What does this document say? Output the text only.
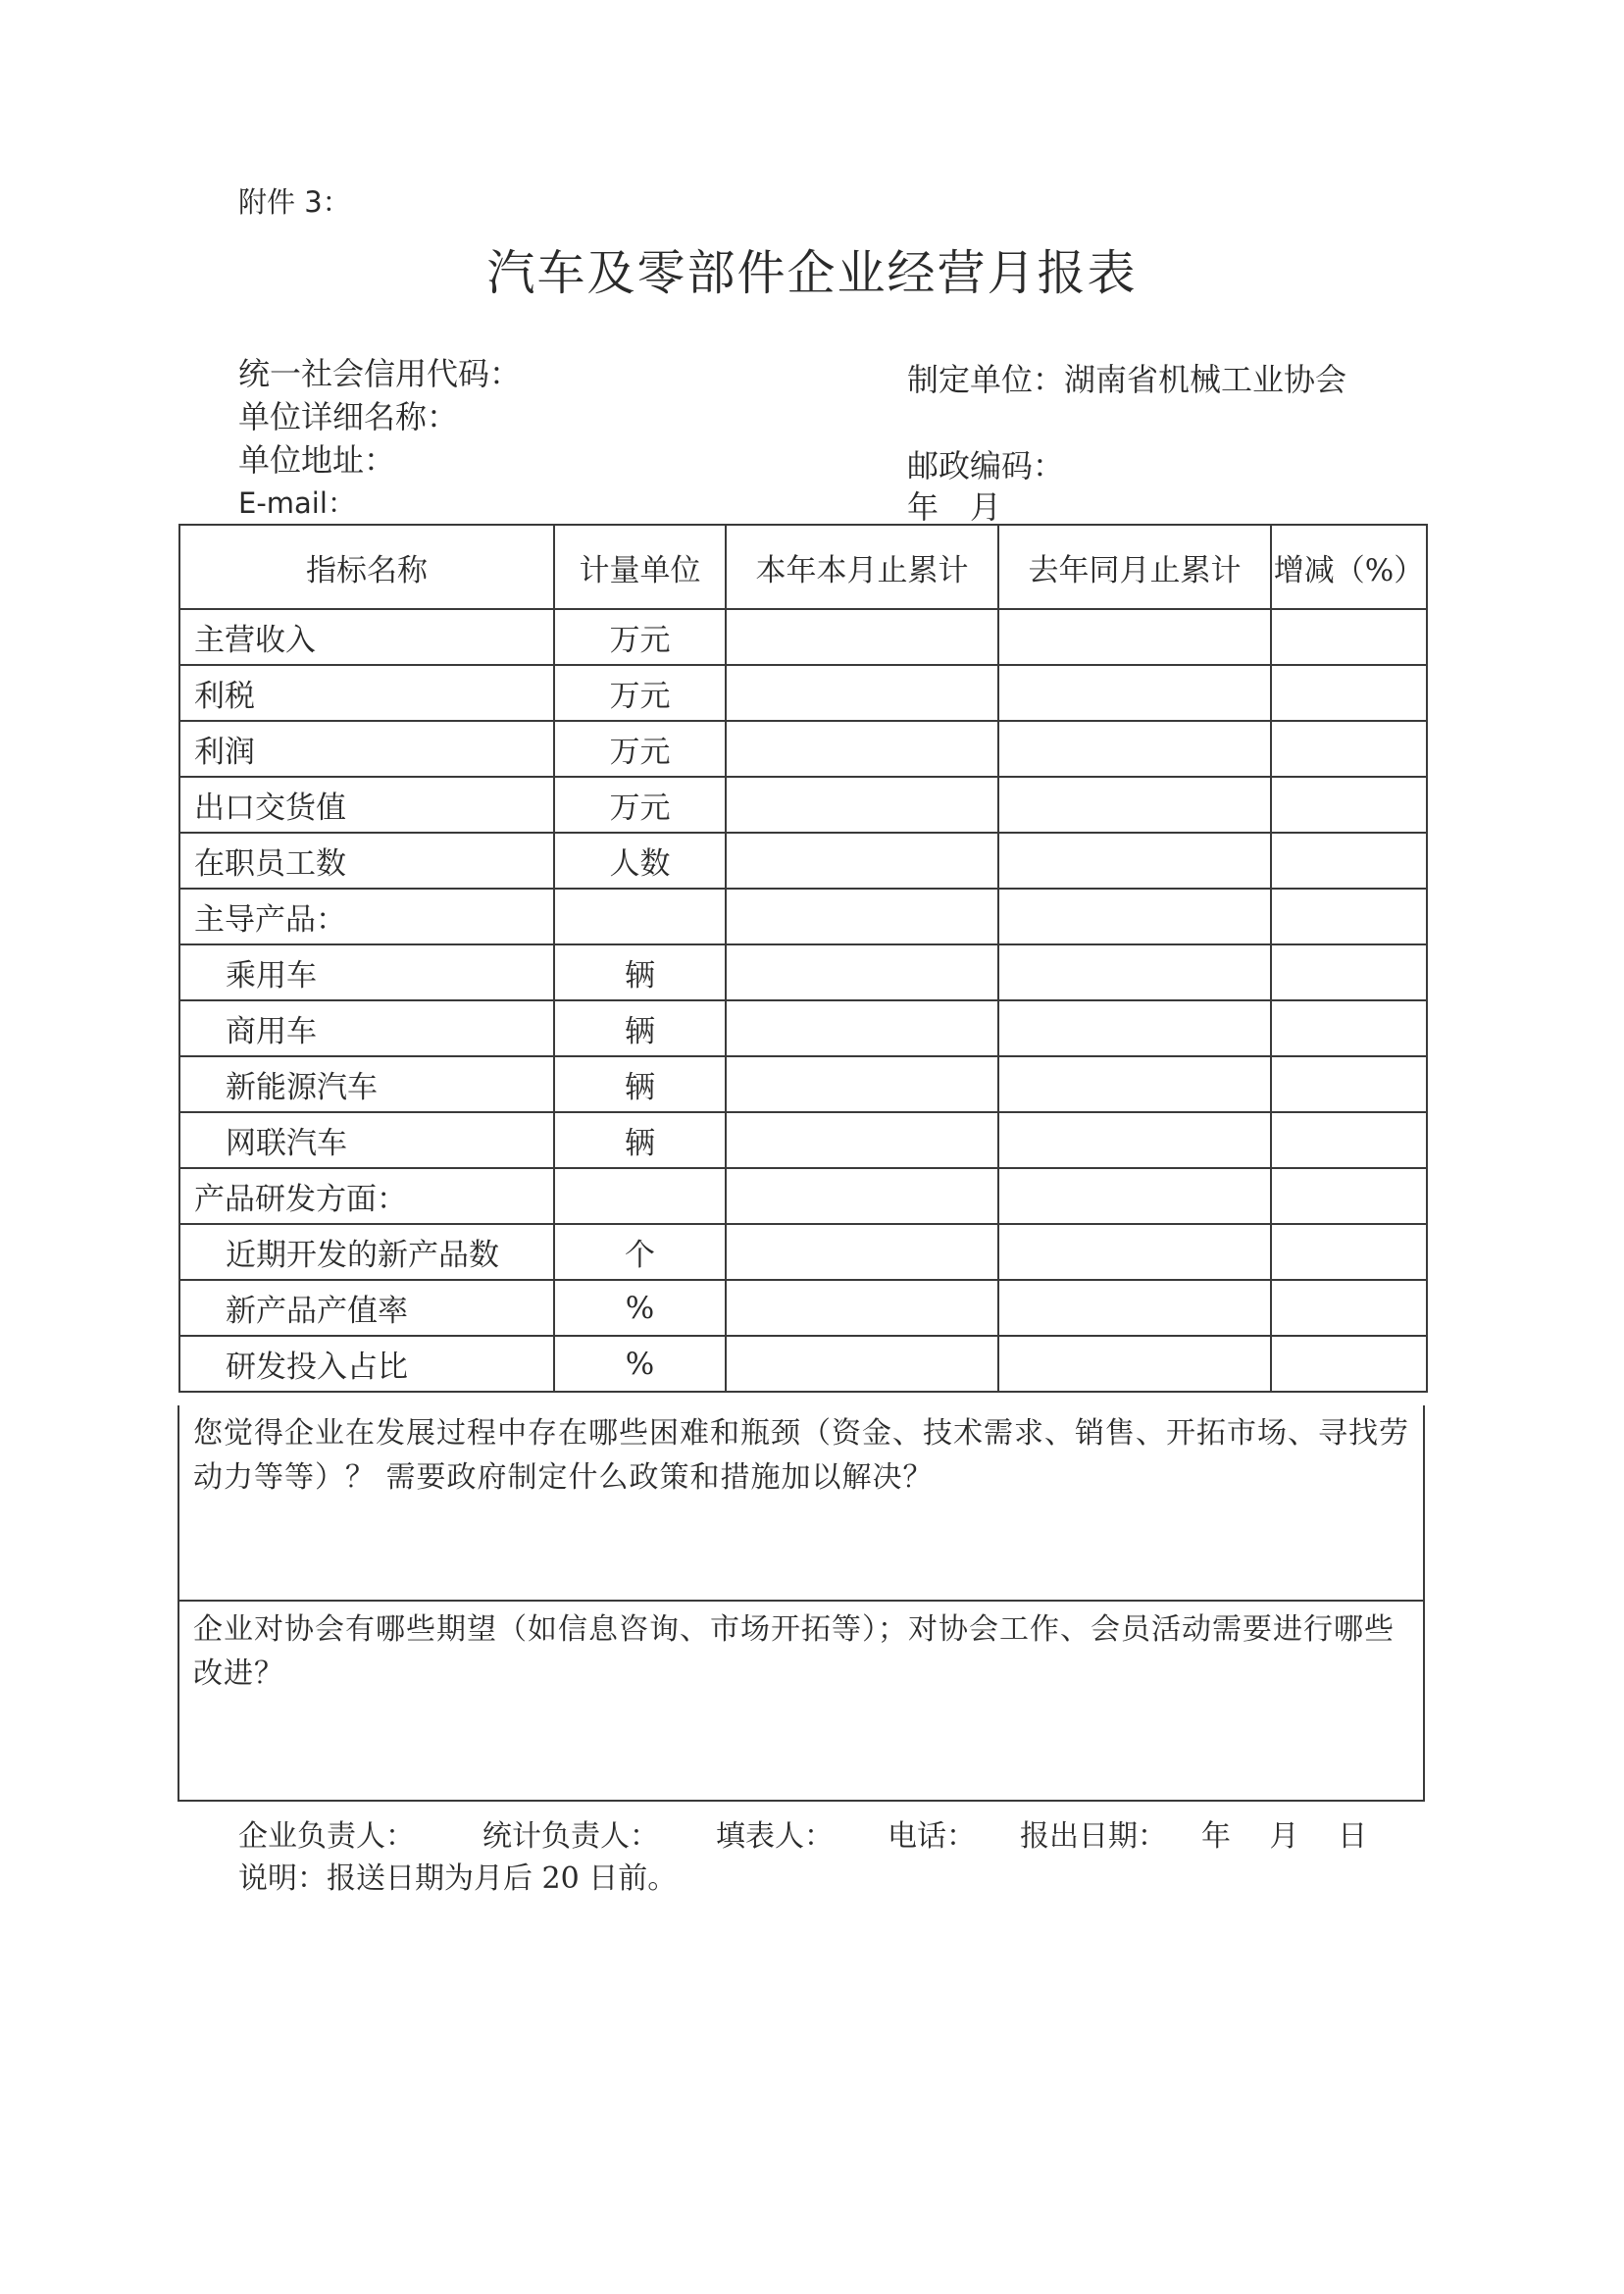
附件 3：
汽车及零部件企业经营月报表
统一社会信用代码：
单位详细名称：
单位地址：
E-mail：
制定单位：湖南省机械工业协会
邮政编码：
年　月
指标名称	计量单位	本年本月止累计	去年同月止累计	增减（%）
主营收入	万元			
利税	万元			
利润	万元			
出口交货值	万元			
在职员工数	人数			
主导产品：				
乘用车	辆			
商用车	辆			
新能源汽车	辆			
网联汽车	辆			
产品研发方面：				
近期开发的新产品数	个			
新产品产值率	%			
研发投入占比	%			
您觉得企业在发展过程中存在哪些困难和瓶颈（资金、技术需求、销售、开拓市场、寻找劳动力等等）？ 需要政府制定什么政策和措施加以解决？
企业对协会有哪些期望（如信息咨询、市场开拓等）；对协会工作、会员活动需要进行哪些改进？
企业负责人： 统计负责人： 填表人： 电话： 报出日期： 年　 月　 日
说明：报送日期为月后 20 日前。
